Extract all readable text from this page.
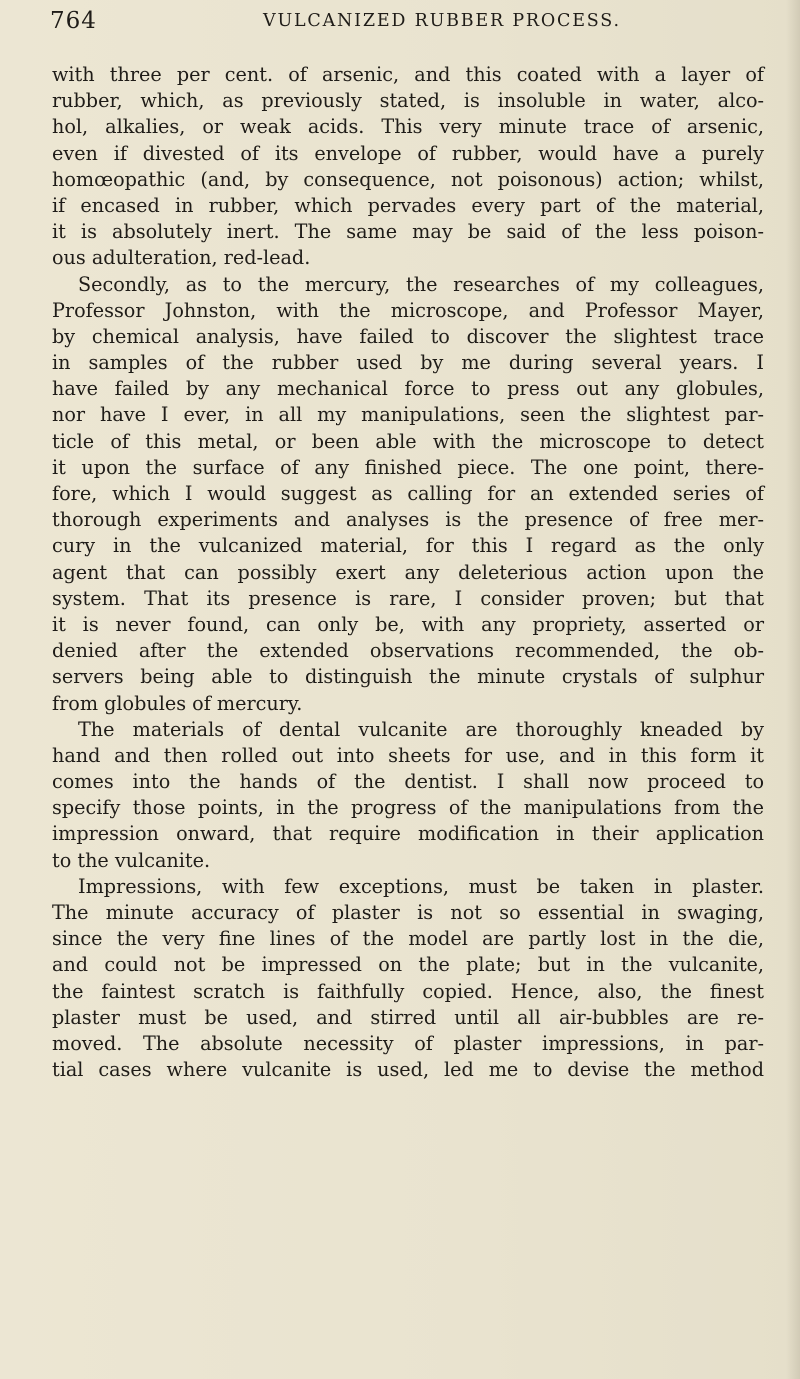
764	VULCANIZED RUBBER PROCESS.
with three per cent. of arsenic, and this coated with a layer of
rubber, which, as previously stated, is insoluble in water, alco-
hol, alkalies, or weak acids. This very minute trace of arsenic,
even if divested of its envelope of rubber, would have a purely
homœopathic (and, by consequence, not poisonous) action; whilst,
if encased in rubber, which pervades every part of the material,
it is absolutely inert. The same may be said of the less poison-
ous adulteration, red-lead.
Secondly, as to the mercury, the researches of my colleagues,
Professor Johnston, with the microscope, and Professor Mayer,
by chemical analysis, have failed to discover the slightest trace
in samples of the rubber used by me during several years. I
have failed by any mechanical force to press out any globules,
nor have I ever, in all my manipulations, seen the slightest par-
ticle of this metal, or been able with the microscope to detect
it upon the surface of any finished piece. The one point, there-
fore, which I would suggest as calling for an extended series of
thorough experiments and analyses is the presence of free mer-
cury in the vulcanized material, for this I regard as the only
agent that can possibly exert any deleterious action upon the
system. That its presence is rare, I consider proven; but that
it is never found, can only be, with any propriety, asserted or
denied after the extended observations recommended, the ob-
servers being able to distinguish the minute crystals of sulphur
from globules of mercury.
The materials of dental vulcanite are thoroughly kneaded by
hand and then rolled out into sheets for use, and in this form it
comes into the hands of the dentist. I shall now proceed to
specify those points, in the progress of the manipulations from the
impression onward, that require modification in their application
to the vulcanite.
Impressions, with few exceptions, must be taken in plaster.
The minute accuracy of plaster is not so essential in swaging,
since the very fine lines of the model are partly lost in the die,
and could not be impressed on the plate; but in the vulcanite,
the faintest scratch is faithfully copied. Hence, also, the finest
plaster must be used, and stirred until all air-bubbles are re-
moved. The absolute necessity of plaster impressions, in par-
tial cases where vulcanite is used, led me to devise the method
